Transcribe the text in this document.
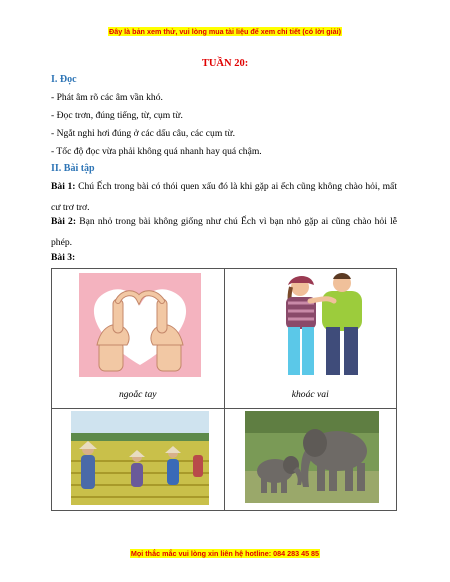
Đây là bản xem thử, vui lòng mua tài liệu để xem chi tiết (có lời giải)
TUẦN 20:
I. Đọc
- Phát âm rõ các âm vần khó.
- Đọc trơn, đúng tiếng, từ, cụm từ.
- Ngắt nghỉ hơi đúng ở các dấu câu, các cụm từ.
- Tốc độ đọc vừa phải không quá nhanh hay quá chậm.
II. Bài tập
Bài 1: Chú Ếch trong bài có thói quen xấu đó là khi gặp ai ếch cũng không chào hỏi, mất cư trơ trơ.
Bài 2: Bạn nhỏ trong bài không giống như chú Ếch vì bạn nhỏ gặp ai cũng chào hỏi lễ phép.
Bài 3:
ngoắc tay	khoác vai

Mọi thắc mắc vui lòng xin liên hệ hotline: 084 283 45 85
